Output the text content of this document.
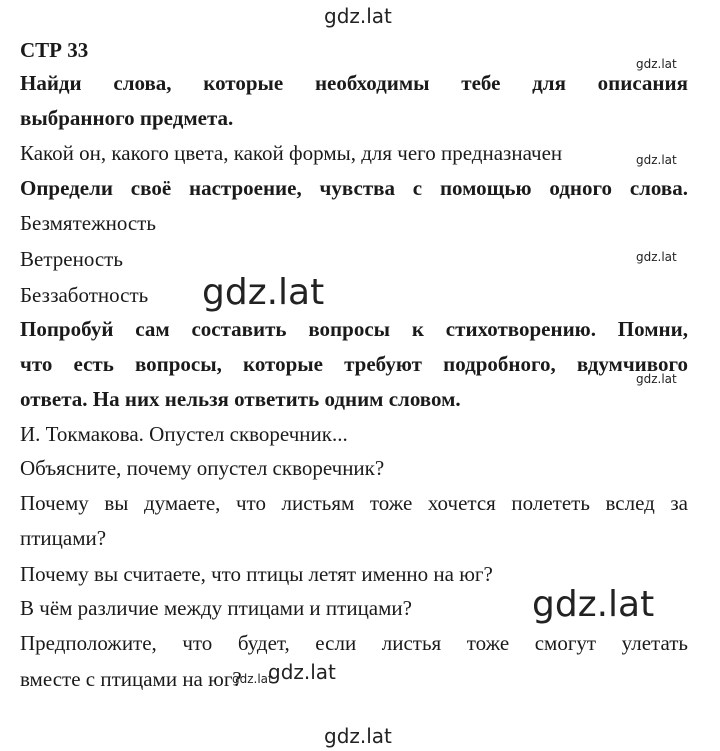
gdz.lat
gdz.lat
gdz.lat
gdz.lat
gdz.lat
gdz.lat
gdz.lat
gdz.lat
gdz.lat
gdz.lat
СТР 33
Найди слова, которые необходимы тебе для описания
выбранного предмета.
Какой он, какого цвета, какой формы, для чего предназначен
Определи своё настроение, чувства с помощью одного слова.
Безмятежность
Ветреность
Беззаботность
Попробуй сам составить вопросы к стихотворению. Помни,
что есть вопросы, которые требуют подробного, вдумчивого
ответа. На них нельзя ответить одним словом.
И. Токмакова. Опустел скворечник...
Объясните, почему опустел скворечник?
Почему вы думаете, что листьям тоже хочется полететь вслед за
птицами?
Почему вы считаете, что птицы летят именно на юг?
В чём различие между птицами и птицами?
Предположите, что будет, если листья тоже смогут улетать
вместе с птицами на юг?
